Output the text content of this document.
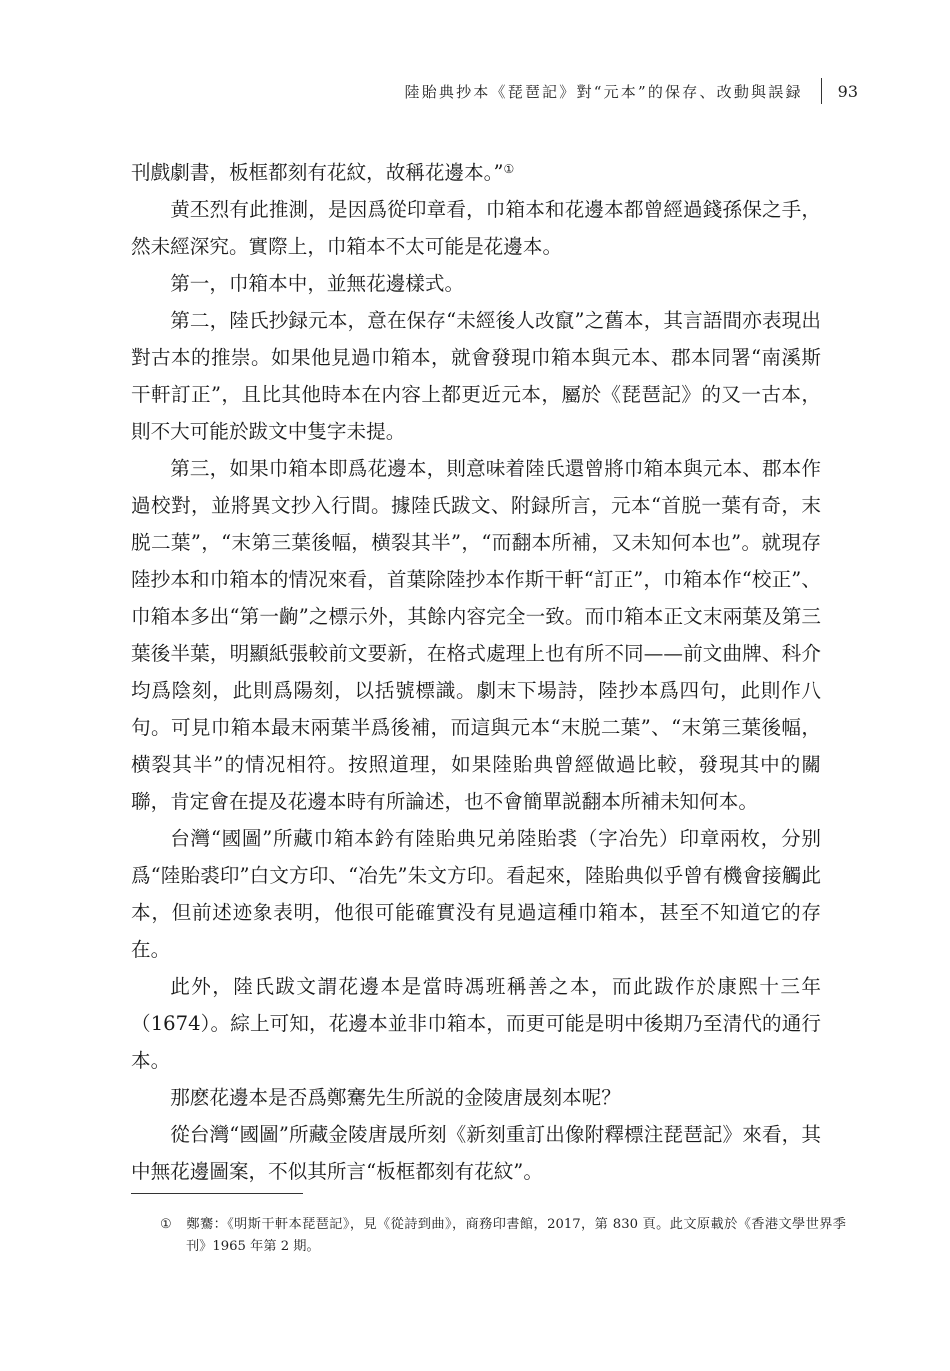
陸貽典抄本《琵琶記》對“元本”的保存、改動與誤録 93

刊戲劇書，板框都刻有花紋，故稱花邊本。”①

黄丕烈有此推測，是因爲從印章看，巾箱本和花邊本都曾經過錢孫保之手，然未經深究。實際上，巾箱本不太可能是花邊本。

第一，巾箱本中，並無花邊樣式。

第二，陸氏抄録元本，意在保存“未經後人改竄”之舊本，其言語間亦表現出對古本的推崇。如果他見過巾箱本，就會發現巾箱本與元本、郡本同署“南溪斯干軒訂正”，且比其他時本在内容上都更近元本，屬於《琵琶記》的又一古本，則不大可能於跋文中隻字未提。

第三，如果巾箱本即爲花邊本，則意味着陸氏還曾將巾箱本與元本、郡本作過校對，並將異文抄入行間。據陸氏跋文、附録所言，元本“首脱一葉有奇，末脱二葉”，“末第三葉後幅，横裂其半”，“而翻本所補，又未知何本也”。就現存陸抄本和巾箱本的情况來看，首葉除陸抄本作斯干軒“訂正”，巾箱本作“校正”、巾箱本多出“第一齣”之標示外，其餘内容完全一致。而巾箱本正文末兩葉及第三葉後半葉，明顯紙張較前文要新，在格式處理上也有所不同——前文曲牌、科介均爲陰刻，此則爲陽刻，以括號標識。劇末下場詩，陸抄本爲四句，此則作八句。可見巾箱本最末兩葉半爲後補，而這與元本“末脱二葉”、“末第三葉後幅，横裂其半”的情况相符。按照道理，如果陸貽典曾經做過比較，發現其中的關聯，肯定會在提及花邊本時有所論述，也不會簡單説翻本所補未知何本。

台灣“國圖”所藏巾箱本鈐有陸貽典兄弟陸貽裘（字冶先）印章兩枚，分别爲“陸貽裘印”白文方印、“冶先”朱文方印。看起來，陸貽典似乎曾有機會接觸此本，但前述迹象表明，他很可能確實没有見過這種巾箱本，甚至不知道它的存在。

此外，陸氏跋文謂花邊本是當時馮班稱善之本，而此跋作於康熙十三年（1674）。綜上可知，花邊本並非巾箱本，而更可能是明中後期乃至清代的通行本。

那麽花邊本是否爲鄭騫先生所説的金陵唐晟刻本呢？

從台灣“國圖”所藏金陵唐晟所刻《新刻重訂出像附釋標注琵琶記》來看，其中無花邊圖案，不似其所言“板框都刻有花紋”。

① 鄭騫：《明斯干軒本琵琶記》，見《從詩到曲》，商務印書館，2017，第 830 頁。此文原載於《香港文學世界季刊》1965 年第 2 期。
